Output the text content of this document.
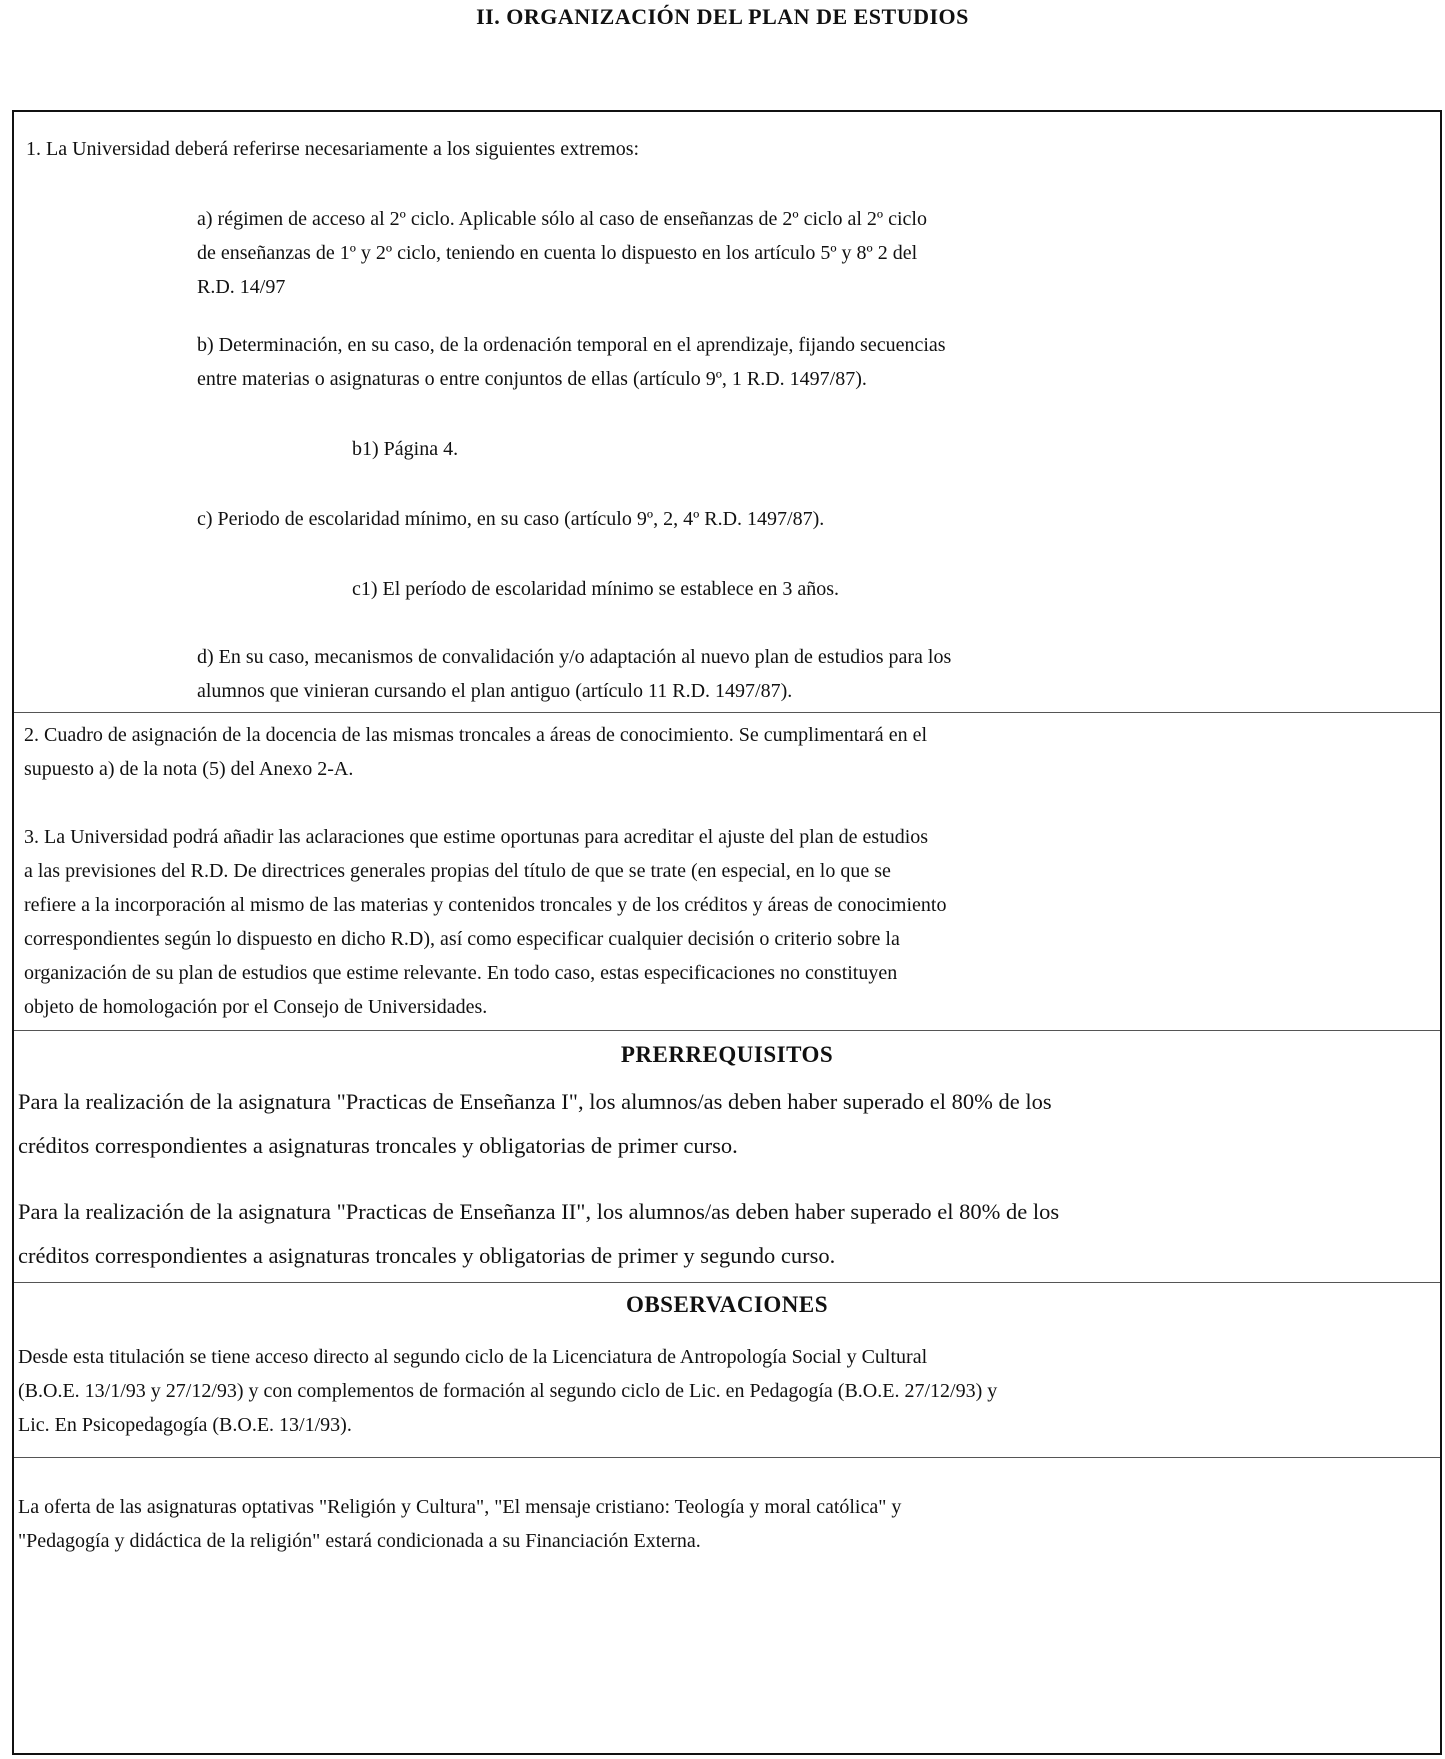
II. ORGANIZACIÓN DEL PLAN DE ESTUDIOS
1. La Universidad deberá referirse necesariamente a los siguientes extremos:
a) régimen de acceso al 2º ciclo. Aplicable sólo al caso de enseñanzas de 2º ciclo al 2º ciclo
de enseñanzas de 1º y 2º ciclo, teniendo en cuenta lo dispuesto en los artículo 5º y 8º 2 del
R.D. 14/97
b) Determinación, en su caso, de la ordenación temporal en el aprendizaje, fijando secuencias
entre materias o asignaturas o entre conjuntos de ellas (artículo 9º, 1 R.D. 1497/87).
b1) Página 4.
c) Periodo de escolaridad mínimo, en su caso (artículo 9º, 2, 4º R.D. 1497/87).
c1) El período de escolaridad mínimo se establece en 3 años.
d) En su caso, mecanismos de convalidación y/o adaptación al nuevo plan de estudios para los
alumnos que vinieran cursando el plan antiguo (artículo 11 R.D. 1497/87).
2. Cuadro de asignación de la docencia de las mismas troncales a áreas de conocimiento. Se cumplimentará en el
supuesto a) de la nota (5) del Anexo 2-A.
3. La Universidad podrá añadir las aclaraciones que estime oportunas para acreditar el ajuste del plan de estudios
a las previsiones del R.D. De directrices generales propias del título de que se trate (en especial, en lo que se
refiere a la incorporación al mismo de las materias y contenidos troncales y de los créditos y áreas de conocimiento
correspondientes según lo dispuesto en dicho R.D), así como especificar cualquier decisión o criterio sobre la
organización de su plan de estudios que estime relevante. En todo caso, estas especificaciones no constituyen
objeto de homologación por el Consejo de Universidades.
PRERREQUISITOS
Para la realización de la asignatura "Practicas de Enseñanza I", los alumnos/as deben haber superado el 80% de los
créditos correspondientes a asignaturas troncales y obligatorias de primer curso.
Para la realización de la asignatura "Practicas de Enseñanza II", los alumnos/as deben haber superado el 80% de los
créditos correspondientes a asignaturas troncales y obligatorias de primer y segundo curso.
OBSERVACIONES
Desde esta titulación se tiene acceso directo al segundo ciclo de la Licenciatura de Antropología Social y Cultural
(B.O.E. 13/1/93 y 27/12/93) y con complementos de formación al segundo ciclo de Lic. en Pedagogía (B.O.E. 27/12/93) y
Lic. En Psicopedagogía (B.O.E. 13/1/93).
La oferta de las asignaturas optativas "Religión y Cultura", "El mensaje cristiano: Teología y moral católica" y
"Pedagogía y didáctica de la religión" estará condicionada a su Financiación Externa.
